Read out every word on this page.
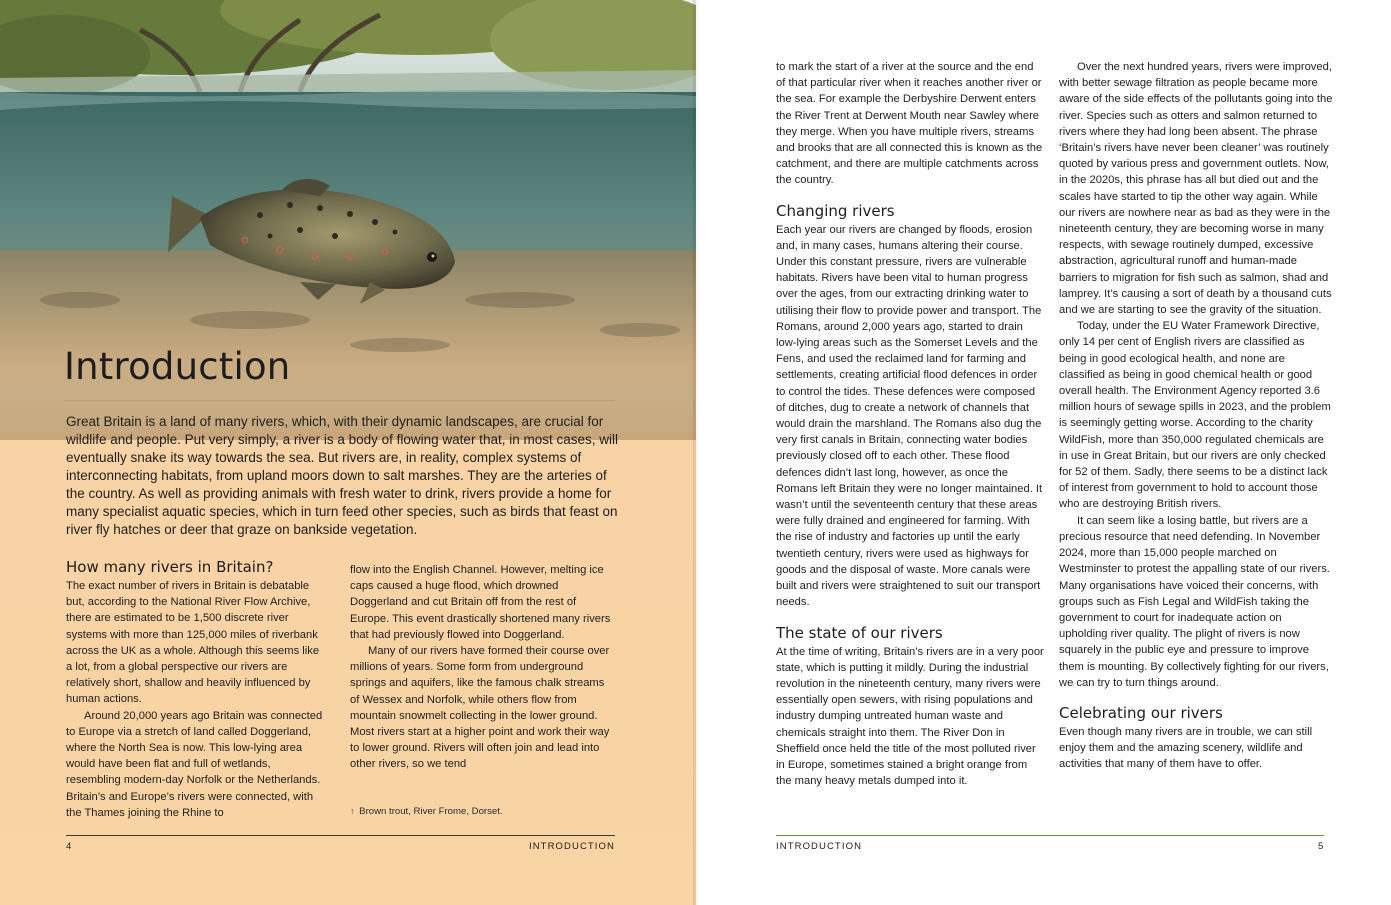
Introduction

Great Britain is a land of many rivers, which, with their dynamic landscapes, are crucial for wildlife and people. Put very simply, a river is a body of flowing water that, in most cases, will eventually snake its way towards the sea. But rivers are, in reality, complex systems of interconnecting habitats, from upland moors down to salt marshes. They are the arteries of the country. As well as providing animals with fresh water to drink, rivers provide a home for many specialist aquatic species, which in turn feed other species, such as birds that feast on river fly hatches or deer that graze on bankside vegetation.

How many rivers in Britain?

The exact number of rivers in Britain is debatable but, according to the National River Flow Archive, there are estimated to be 1,500 discrete river systems with more than 125,000 miles of riverbank across the UK as a whole. Although this seems like a lot, from a global perspective our rivers are relatively short, shallow and heavily influenced by human actions.

Around 20,000 years ago Britain was connected to Europe via a stretch of land called Doggerland, where the North Sea is now. This low-lying area would have been flat and full of wetlands, resembling modern-day Norfolk or the Netherlands. Britain’s and Europe’s rivers were connected, with the Thames joining the Rhine to

flow into the English Channel. However, melting ice caps caused a huge flood, which drowned Doggerland and cut Britain off from the rest of Europe. This event drastically shortened many rivers that had previously flowed into Doggerland.

Many of our rivers have formed their course over millions of years. Some form from underground springs and aquifers, like the famous chalk streams of Wessex and Norfolk, while others flow from mountain snowmelt collecting in the lower ground. Most rivers start at a higher point and work their way to lower ground. Rivers will often join and lead into other rivers, so we tend

↑ Brown trout, River Frome, Dorset.
4	INTRODUCTION

to mark the start of a river at the source and the end of that particular river when it reaches another river or the sea. For example the Derbyshire Derwent enters the River Trent at Derwent Mouth near Sawley where they merge. When you have multiple rivers, streams and brooks that are all connected this is known as the catchment, and there are multiple catchments across the country.

Changing rivers

Each year our rivers are changed by floods, erosion and, in many cases, humans altering their course. Under this constant pressure, rivers are vulnerable habitats. Rivers have been vital to human progress over the ages, from our extracting drinking water to utilising their flow to provide power and transport. The Romans, around 2,000 years ago, started to drain low-lying areas such as the Somerset Levels and the Fens, and used the reclaimed land for farming and settlements, creating artificial flood defences in order to control the tides. These defences were composed of ditches, dug to create a network of channels that would drain the marshland. The Romans also dug the very first canals in Britain, connecting water bodies previously closed off to each other. These flood defences didn’t last long, however, as once the Romans left Britain they were no longer maintained. It wasn’t until the seventeenth century that these areas were fully drained and engineered for farming. With the rise of industry and factories up until the early twentieth century, rivers were used as highways for goods and the disposal of waste. More canals were built and rivers were straightened to suit our transport needs.

The state of our rivers

At the time of writing, Britain’s rivers are in a very poor state, which is putting it mildly. During the industrial revolution in the nineteenth century, many rivers were essentially open sewers, with rising populations and industry dumping untreated human waste and chemicals straight into them. The River Don in Sheffield once held the title of the most polluted river in Europe, sometimes stained a bright orange from the many heavy metals dumped into it.

Over the next hundred years, rivers were improved, with better sewage filtration as people became more aware of the side effects of the pollutants going into the river. Species such as otters and salmon returned to rivers where they had long been absent. The phrase ‘Britain’s rivers have never been cleaner’ was routinely quoted by various press and government outlets. Now, in the 2020s, this phrase has all but died out and the scales have started to tip the other way again. While our rivers are nowhere near as bad as they were in the nineteenth century, they are becoming worse in many respects, with sewage routinely dumped, excessive abstraction, agricultural runoff and human-made barriers to migration for fish such as salmon, shad and lamprey. It’s causing a sort of death by a thousand cuts and we are starting to see the gravity of the situation.

Today, under the EU Water Framework Directive, only 14 per cent of English rivers are classified as being in good ecological health, and none are classified as being in good chemical health or good overall health. The Environment Agency reported 3.6 million hours of sewage spills in 2023, and the problem is seemingly getting worse. According to the charity WildFish, more than 350,000 regulated chemicals are in use in Great Britain, but our rivers are only checked for 52 of them. Sadly, there seems to be a distinct lack of interest from government to hold to account those who are destroying British rivers.

It can seem like a losing battle, but rivers are a precious resource that need defending. In November 2024, more than 15,000 people marched on Westminster to protest the appalling state of our rivers. Many organisations have voiced their concerns, with groups such as Fish Legal and WildFish taking the government to court for inadequate action on upholding river quality. The plight of rivers is now squarely in the public eye and pressure to improve them is mounting. By collectively fighting for our rivers, we can try to turn things around.

Celebrating our rivers

Even though many rivers are in trouble, we can still enjoy them and the amazing scenery, wildlife and activities that many of them have to offer.

INTRODUCTION	5
